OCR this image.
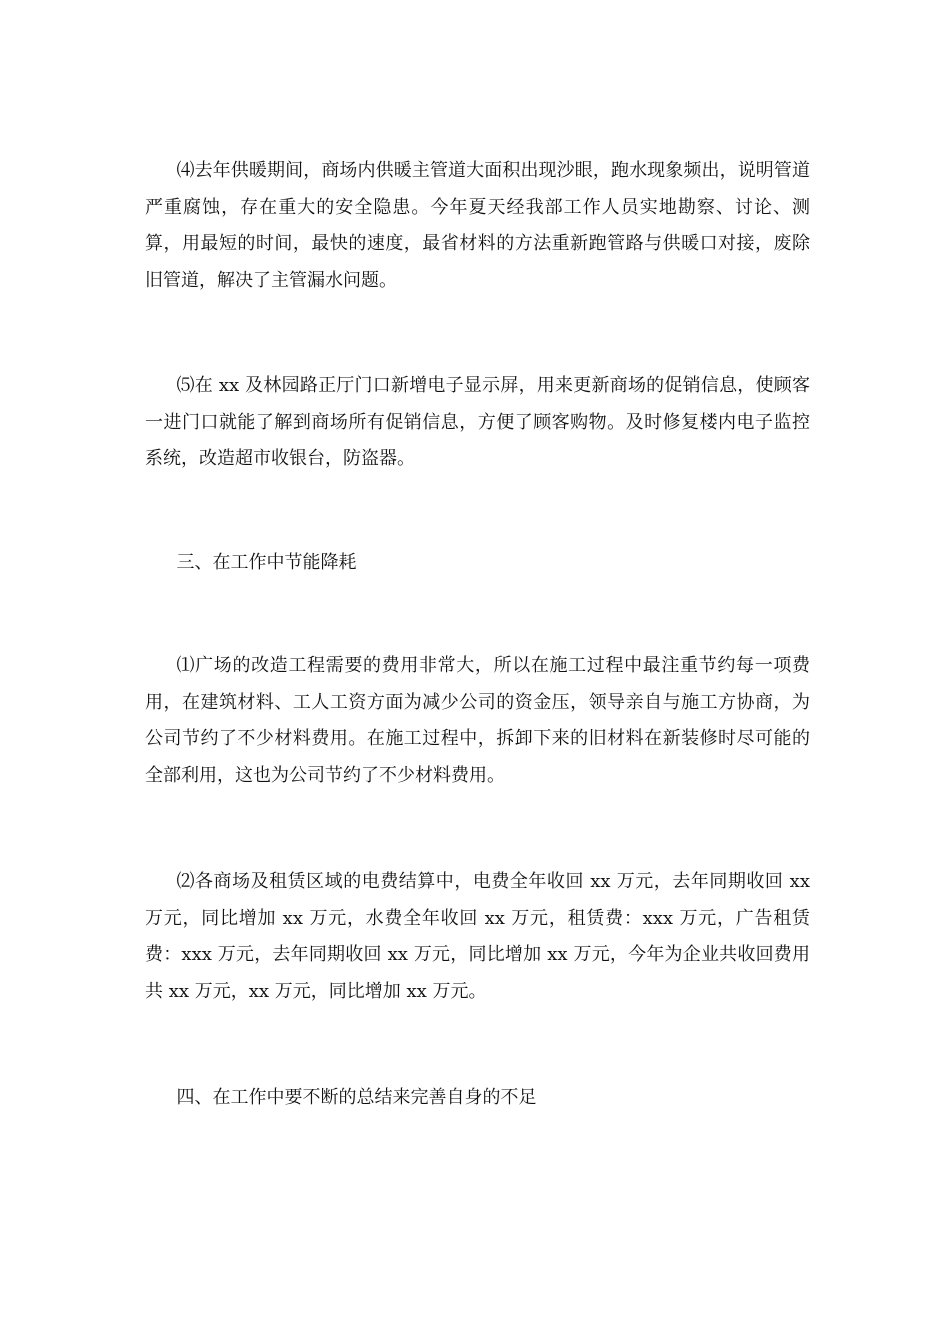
⑷去年供暖期间，商场内供暖主管道大面积出现沙眼，跑水现象频出，说明管道严重腐蚀，存在重大的安全隐患。今年夏天经我部工作人员实地勘察、讨论、测算，用最短的时间，最快的速度，最省材料的方法重新跑管路与供暖口对接，废除旧管道，解决了主管漏水问题。

⑸在 xx 及林园路正厅门口新增电子显示屏，用来更新商场的促销信息，使顾客一进门口就能了解到商场所有促销信息，方便了顾客购物。及时修复楼内电子监控系统，改造超市收银台，防盗器。

三、在工作中节能降耗

⑴广场的改造工程需要的费用非常大，所以在施工过程中最注重节约每一项费用，在建筑材料、工人工资方面为减少公司的资金压，领导亲自与施工方协商，为公司节约了不少材料费用。在施工过程中，拆卸下来的旧材料在新装修时尽可能的全部利用，这也为公司节约了不少材料费用。

⑵各商场及租赁区域的电费结算中，电费全年收回 xx 万元，去年同期收回 xx 万元，同比增加 xx 万元，水费全年收回 xx 万元，租赁费：xxx 万元，广告租赁费：xxx 万元，去年同期收回 xx 万元，同比增加 xx 万元，今年为企业共收回费用共 xx 万元，xx 万元，同比增加 xx 万元。

四、在工作中要不断的总结来完善自身的不足
